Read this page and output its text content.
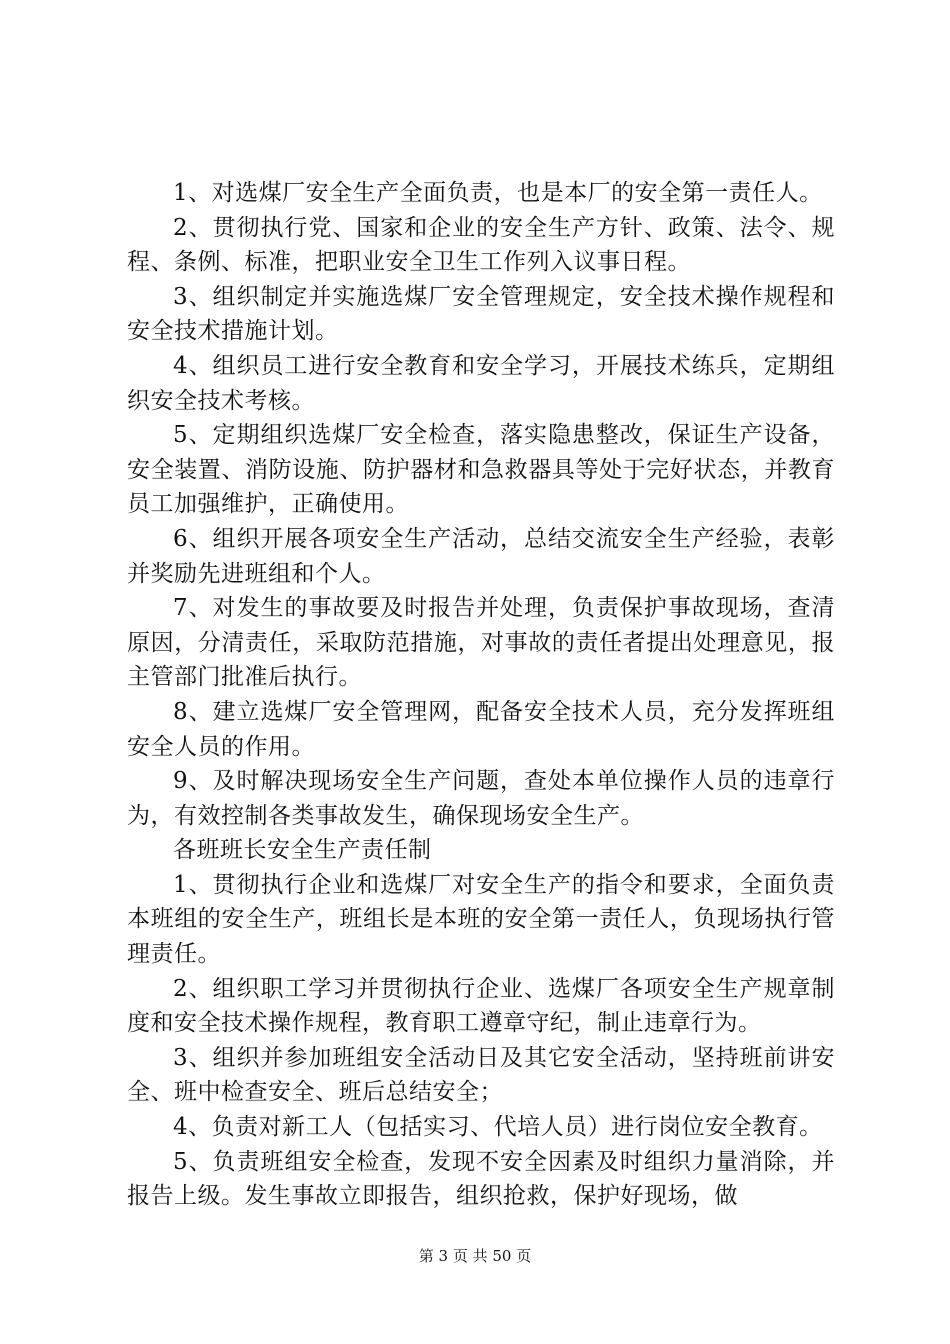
1、对选煤厂安全生产全面负责，也是本厂的安全第一责任人。

2、贯彻执行党、国家和企业的安全生产方针、政策、法令、规程、条例、标准，把职业安全卫生工作列入议事日程。

3、组织制定并实施选煤厂安全管理规定，安全技术操作规程和安全技术措施计划。

4、组织员工进行安全教育和安全学习，开展技术练兵，定期组织安全技术考核。

5、定期组织选煤厂安全检查，落实隐患整改，保证生产设备，安全装置、消防设施、防护器材和急救器具等处于完好状态，并教育员工加强维护，正确使用。

6、组织开展各项安全生产活动，总结交流安全生产经验，表彰并奖励先进班组和个人。

7、对发生的事故要及时报告并处理，负责保护事故现场，查清原因，分清责任，采取防范措施，对事故的责任者提出处理意见，报主管部门批准后执行。

8、建立选煤厂安全管理网，配备安全技术人员，充分发挥班组安全人员的作用。

9、及时解决现场安全生产问题，查处本单位操作人员的违章行为，有效控制各类事故发生，确保现场安全生产。

各班班长安全生产责任制

1、贯彻执行企业和选煤厂对安全生产的指令和要求，全面负责本班组的安全生产，班组长是本班的安全第一责任人，负现场执行管理责任。

2、组织职工学习并贯彻执行企业、选煤厂各项安全生产规章制度和安全技术操作规程，教育职工遵章守纪，制止违章行为。

3、组织并参加班组安全活动日及其它安全活动，坚持班前讲安全、班中检查安全、班后总结安全；

4、负责对新工人（包括实习、代培人员）进行岗位安全教育。

5、负责班组安全检查，发现不安全因素及时组织力量消除，并报告上级。发生事故立即报告，组织抢救，保护好现场，做

第 3 页 共 50 页
